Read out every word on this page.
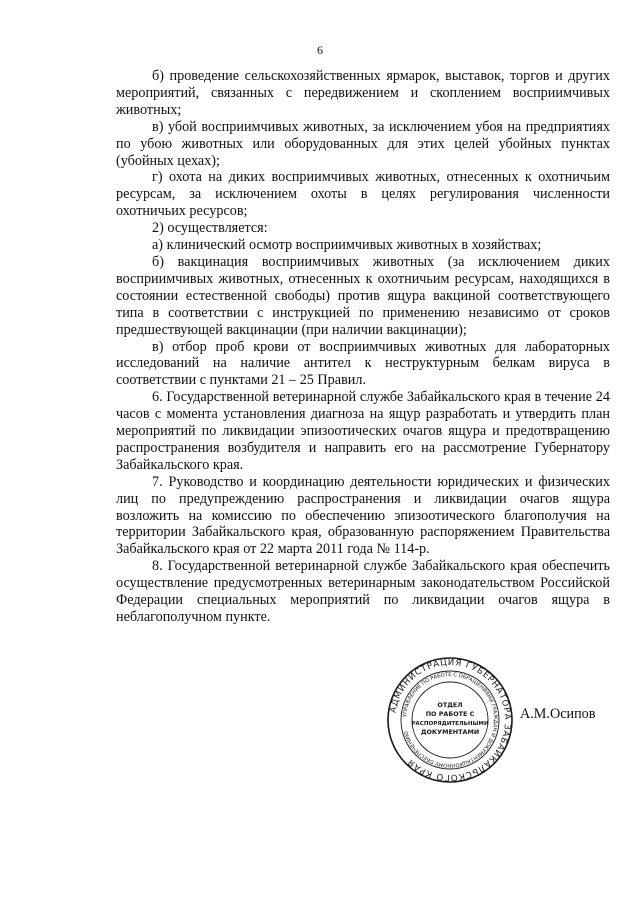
6

б) проведение сельскохозяйственных ярмарок, выставок, торгов и других мероприятий, связанных с передвижением и скоплением восприимчивых животных;

в) убой восприимчивых животных, за исключением убоя на предприятиях по убою животных или оборудованных для этих целей убойных пунктах (убойных цехах);

г) охота на диких восприимчивых животных, отнесенных к охотничьим ресурсам, за исключением охоты в целях регулирования численности охотничьих ресурсов;

2) осуществляется:

а) клинический осмотр восприимчивых животных в хозяйствах;

б) вакцинация восприимчивых животных (за исключением диких восприимчивых животных, отнесенных к охотничьим ресурсам, находящихся в состоянии естественной свободы) против ящура вакциной соответствующего типа в соответствии с инструкцией по применению независимо от сроков предшествующей вакцинации (при наличии вакцинации);

в) отбор проб крови от восприимчивых животных для лабораторных исследований на наличие антител к неструктурным белкам вируса в соответствии с пунктами 21 – 25 Правил.

6. Государственной ветеринарной службе Забайкальского края в течение 24 часов с момента установления диагноза на ящур разработать и утвердить план мероприятий по ликвидации эпизоотических очагов ящура и предотвращению распространения возбудителя и направить его на рассмотрение Губернатору Забайкальского края.

7. Руководство и координацию деятельности юридических и физических лиц по предупреждению распространения и ликвидации очагов ящура возложить на комиссию по обеспечению эпизоотического благополучия на территории Забайкальского края, образованную распоряжением Правительства Забайкальского края от 22 марта 2011 года № 114-р.

8. Государственной ветеринарной службе Забайкальского края обеспечить осуществление предусмотренных ветеринарным законодательством Российской Федерации специальных мероприятий по ликвидации очагов ящура в неблагополучном пункте.

АДМИНИСТРАЦИЯ ГУБЕРНАТОРА ЗАБАЙКАЛЬСКОГО КРАЯ
УПРАВЛЕНИЕ ПО РАБОТЕ С ОБРАЩЕНИЯМИ ГРАЖДАН И ДОКУМЕНТАЦИОННОМУ ОБЕСПЕЧЕНИЮ
ОТДЕЛ
ПО РАБОТЕ С
РАСПОРЯДИТЕЛЬНЫМИ
ДОКУМЕНТАМИ
А.М.Осипов
